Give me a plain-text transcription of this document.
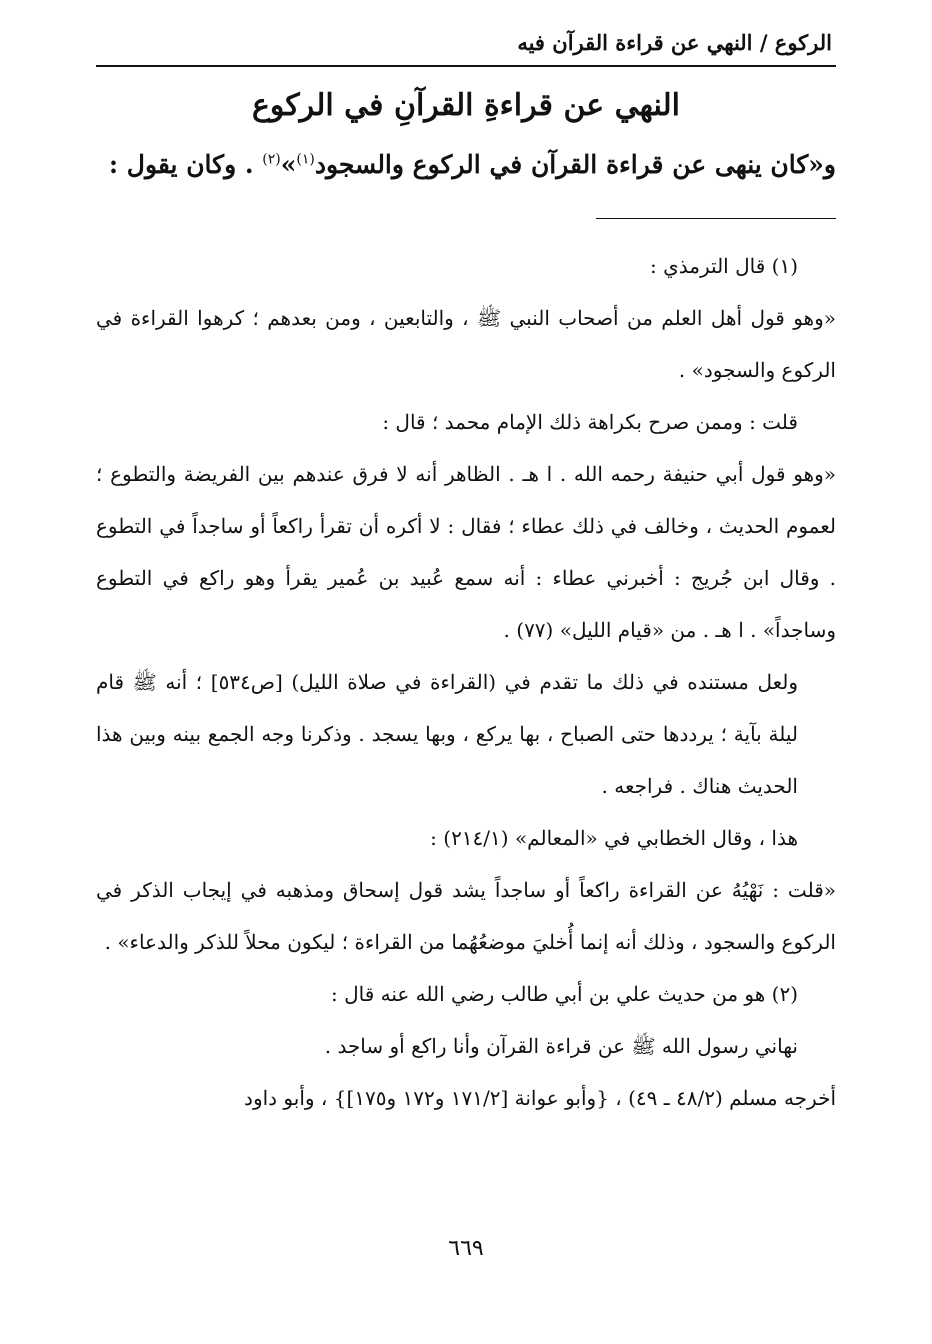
الركوع / النهي عن قراءة القرآن فيه
النهي عن قراءةِ القرآنِ في الركوع
و«كان ينهى عن قراءة القرآن في الركوع والسجود$^{(١)}$»$^{(٢)}$ . وكان يقول :

(١) قال الترمذي :

«وهو قول أهل العلم من أصحاب النبي ﷺ ، والتابعين ، ومن بعدهم ؛ كرهوا القراءة في الركوع والسجود» .

قلت : وممن صرح بكراهة ذلك الإمام محمد ؛ قال :

«وهو قول أبي حنيفة رحمه الله . ا هـ . الظاهر أنه لا فرق عندهم بين الفريضة والتطوع ؛ لعموم الحديث ، وخالف في ذلك عطاء ؛ فقال : لا أكره أن تقرأ راكعاً أو ساجداً في التطوع . وقال ابن جُريج : أخبرني عطاء : أنه سمع عُبيد بن عُمير يقرأ وهو راكع في التطوع وساجداً» . ا هـ . من «قيام الليل» (٧٧) .

ولعل مستنده في ذلك ما تقدم في (القراءة في صلاة الليل) [ص٥٣٤] ؛ أنه ﷺ قام ليلة بآية ؛ يرددها حتى الصباح ، بها يركع ، وبها يسجد . وذكرنا وجه الجمع بينه وبين هذا الحديث هناك . فراجعه .

هذا ، وقال الخطابي في «المعالم» (٢١٤/١) :

«قلت : نَهْيُهُ عن القراءة راكعاً أو ساجداً يشد قول إسحاق ومذهبه في إيجاب الذكر في الركوع والسجود ، وذلك أنه إنما أُخليَ موضعُهُما من القراءة ؛ ليكون محلاً للذكر والدعاء» .

(٢) هو من حديث علي بن أبي طالب رضي الله عنه قال :

نهاني رسول الله ﷺ عن قراءة القرآن وأنا راكع أو ساجد .

أخرجه مسلم (٤٨/٢ ـ ٤٩) ، {وأبو عوانة [١٧١/٢ و١٧٢ و١٧٥]} ، وأبو داود

٦٦٩
